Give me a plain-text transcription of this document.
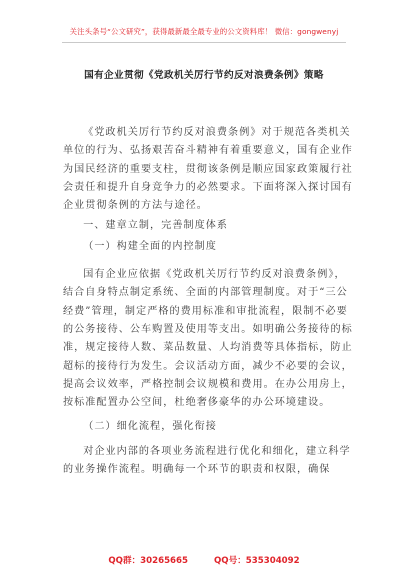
关注头条号“公文研究”，获得最新最全最专业的公文资料库！ 微信：gongwenyj
国有企业贯彻《党政机关厉行节约反对浪费条例》策略

《党政机关厉行节约反对浪费条例》对于规范各类机关单位的行为、弘扬艰苦奋斗精神有着重要意义，国有企业作为国民经济的重要支柱，贯彻该条例是顺应国家政策履行社会责任和提升自身竞争力的必然要求。下面将深入探讨国有企业贯彻条例的方法与途径。

一、建章立制，完善制度体系

（一）构建全面的内控制度

国有企业应依据《党政机关厉行节约反对浪费条例》，结合自身特点制定系统、全面的内部管理制度。对于“三公经费”管理，制定严格的费用标准和审批流程，限制不必要的公务接待、公车购置及使用等支出。如明确公务接待的标准，规定接待人数、菜品数量、人均消费等具体指标，防止超标的接待行为发生。会议活动方面，减少不必要的会议，提高会议效率，严格控制会议规模和费用。在办公用房上，按标准配置办公空间，杜绝奢侈豪华的办公环境建设。

（二）细化流程，强化衔接

对企业内部的各项业务流程进行优化和细化，建立科学的业务操作流程。明确每一个环节的职责和权限，确保

QQ群：30265665	QQ号：535304092
